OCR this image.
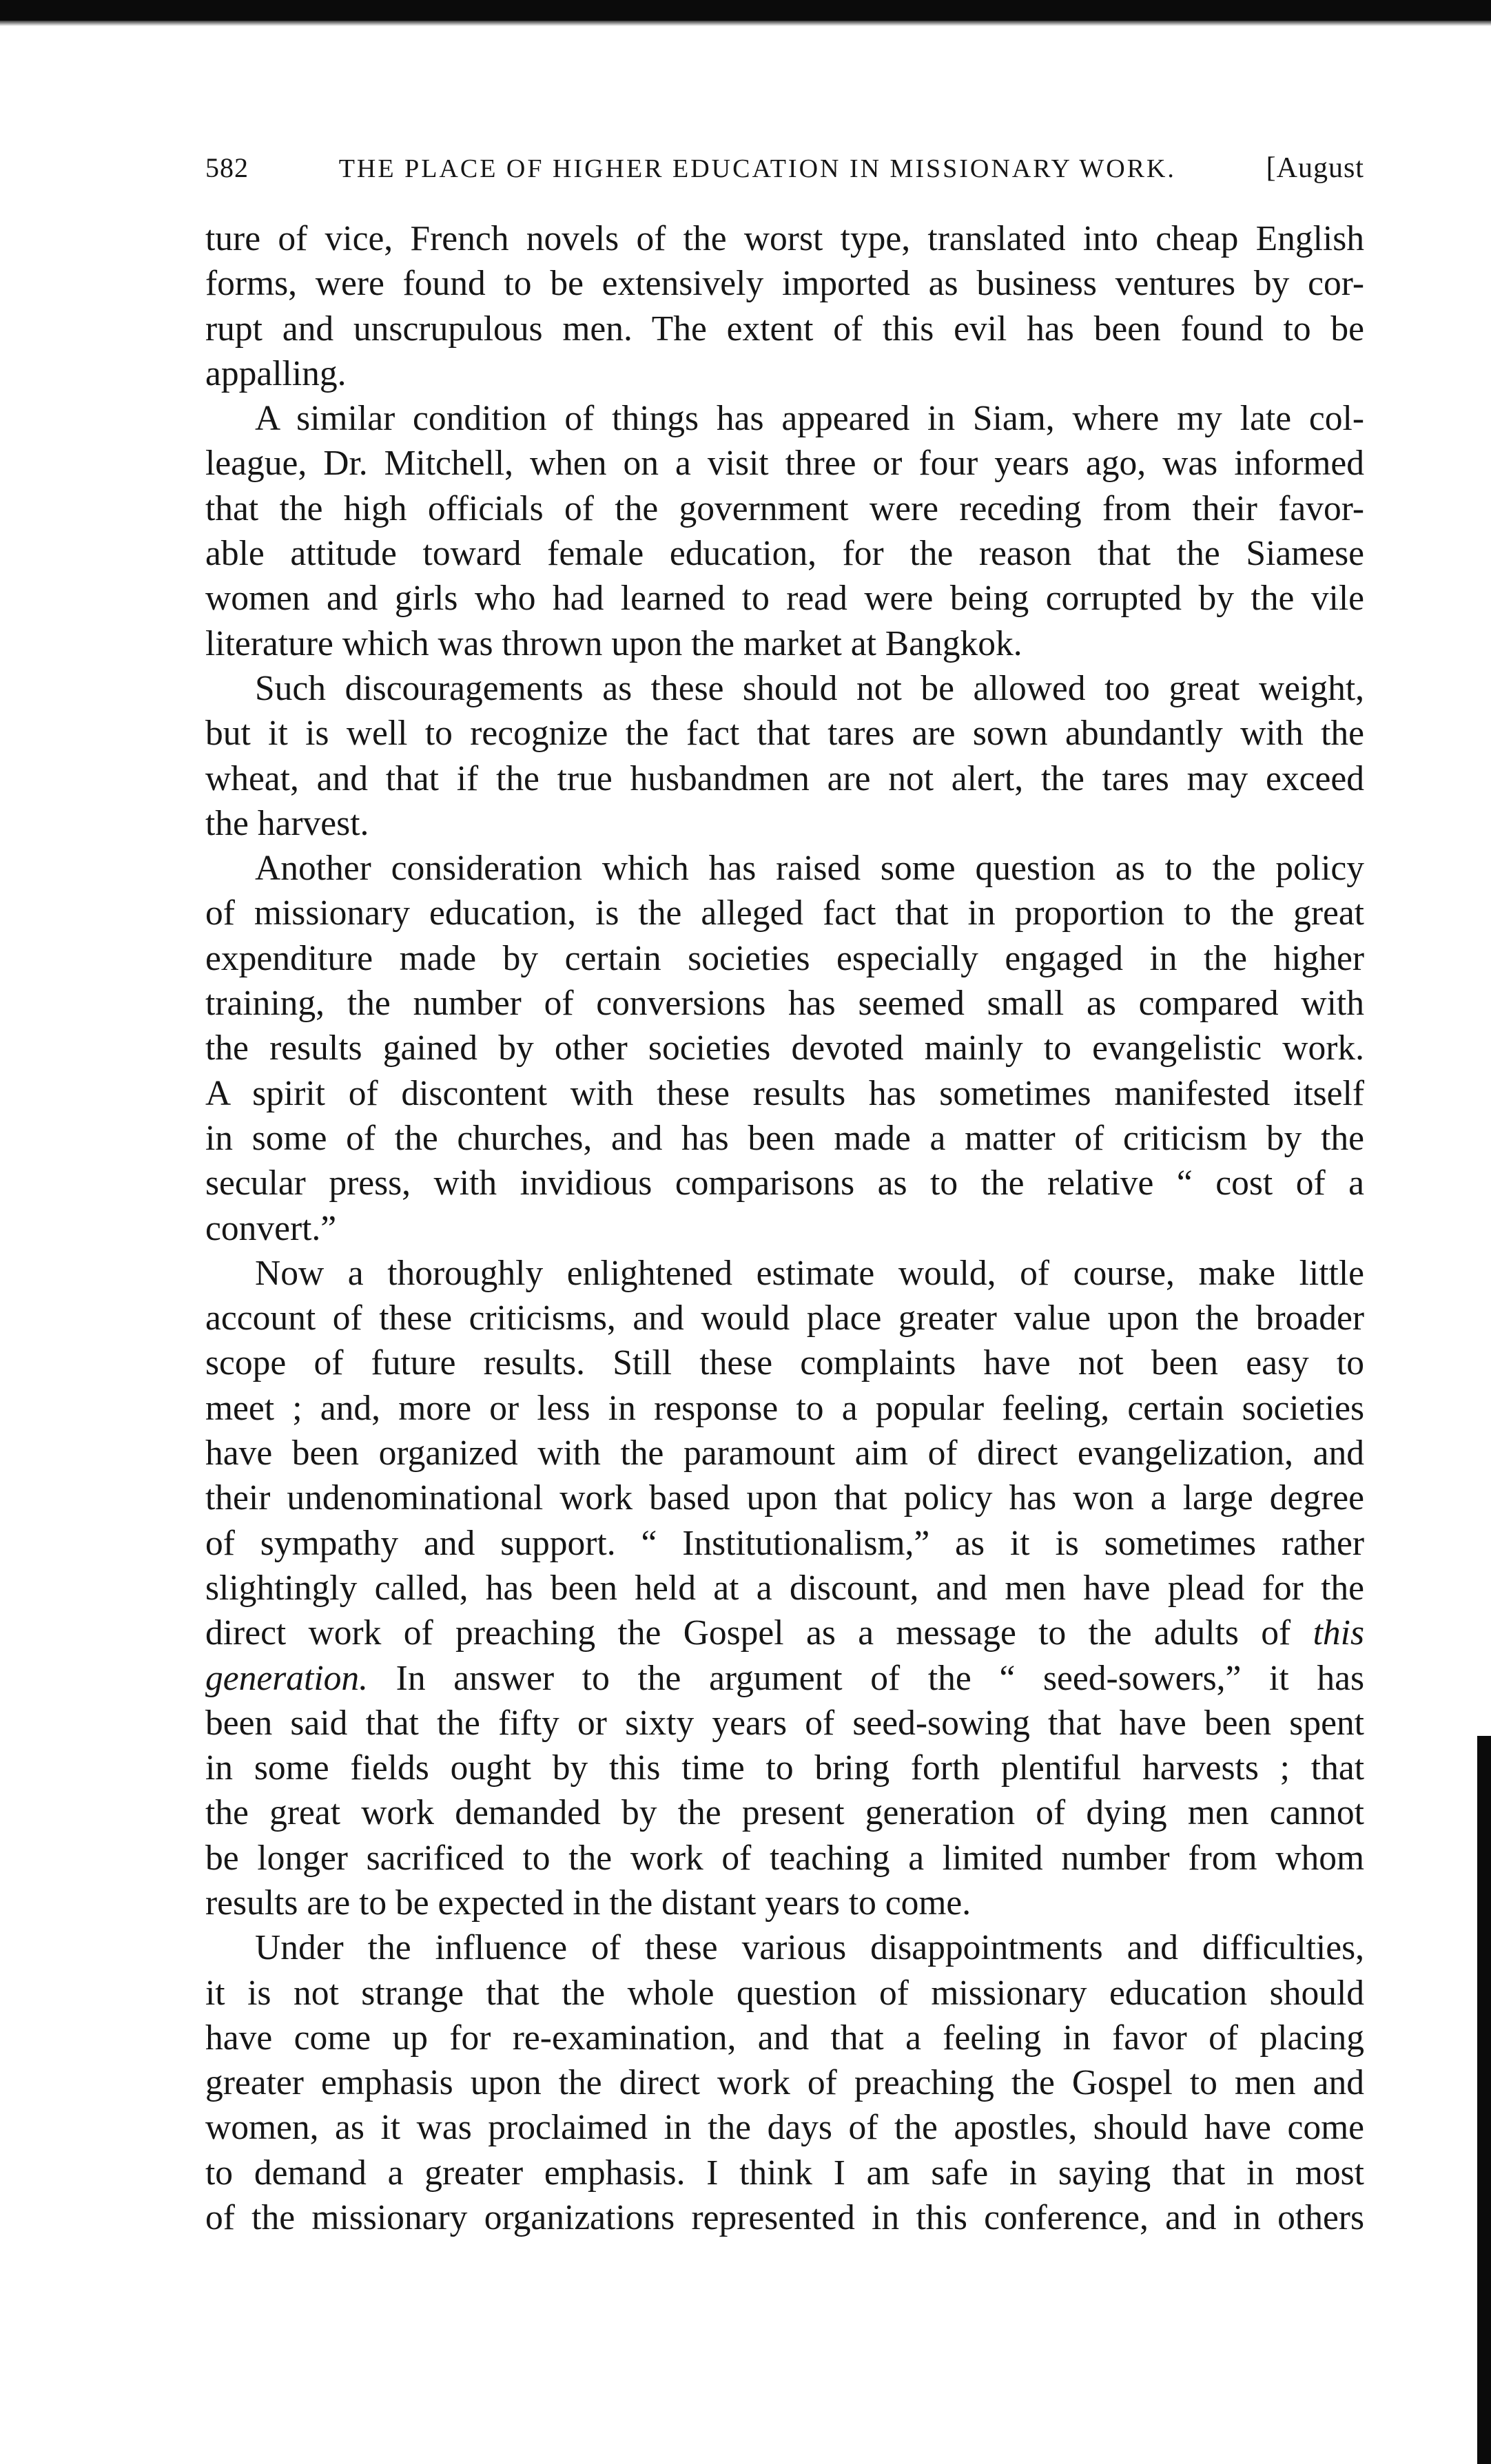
582	THE PLACE OF HIGHER EDUCATION IN MISSIONARY WORK.	[August

ture of vice, French novels of the worst type, translated into cheap English

forms, were found to be extensively imported as business ventures by cor-

rupt and unscrupulous men. The extent of this evil has been found to be

appalling.

A similar condition of things has appeared in Siam, where my late col-

league, Dr. Mitchell, when on a visit three or four years ago, was informed

that the high officials of the government were receding from their favor-

able attitude toward female education, for the reason that the Siamese

women and girls who had learned to read were being corrupted by the vile

literature which was thrown upon the market at Bangkok.

Such discouragements as these should not be allowed too great weight,

but it is well to recognize the fact that tares are sown abundantly with the

wheat, and that if the true husbandmen are not alert, the tares may exceed

the harvest.

Another consideration which has raised some question as to the policy

of missionary education, is the alleged fact that in proportion to the great

expenditure made by certain societies especially engaged in the higher

training, the number of conversions has seemed small as compared with

the results gained by other societies devoted mainly to evangelistic work.

A spirit of discontent with these results has sometimes manifested itself

in some of the churches, and has been made a matter of criticism by the

secular press, with invidious comparisons as to the relative “ cost of a

convert.”

Now a thoroughly enlightened estimate would, of course, make little

account of these criticisms, and would place greater value upon the broader

scope of future results. Still these complaints have not been easy to

meet ; and, more or less in response to a popular feeling, certain societies

have been organized with the paramount aim of direct evangelization, and

their undenominational work based upon that policy has won a large degree

of sympathy and support. “ Institutionalism,” as it is sometimes rather

slightingly called, has been held at a discount, and men have plead for the

direct work of preaching the Gospel as a message to the adults of this

generation. In answer to the argument of the “ seed-sowers,” it has

been said that the fifty or sixty years of seed-sowing that have been spent

in some fields ought by this time to bring forth plentiful harvests ; that

the great work demanded by the present generation of dying men cannot

be longer sacrificed to the work of teaching a limited number from whom

results are to be expected in the distant years to come.

Under the influence of these various disappointments and difficulties,

it is not strange that the whole question of missionary education should

have come up for re-examination, and that a feeling in favor of placing

greater emphasis upon the direct work of preaching the Gospel to men and

women, as it was proclaimed in the days of the apostles, should have come

to demand a greater emphasis. I think I am safe in saying that in most

of the missionary organizations represented in this conference, and in others
